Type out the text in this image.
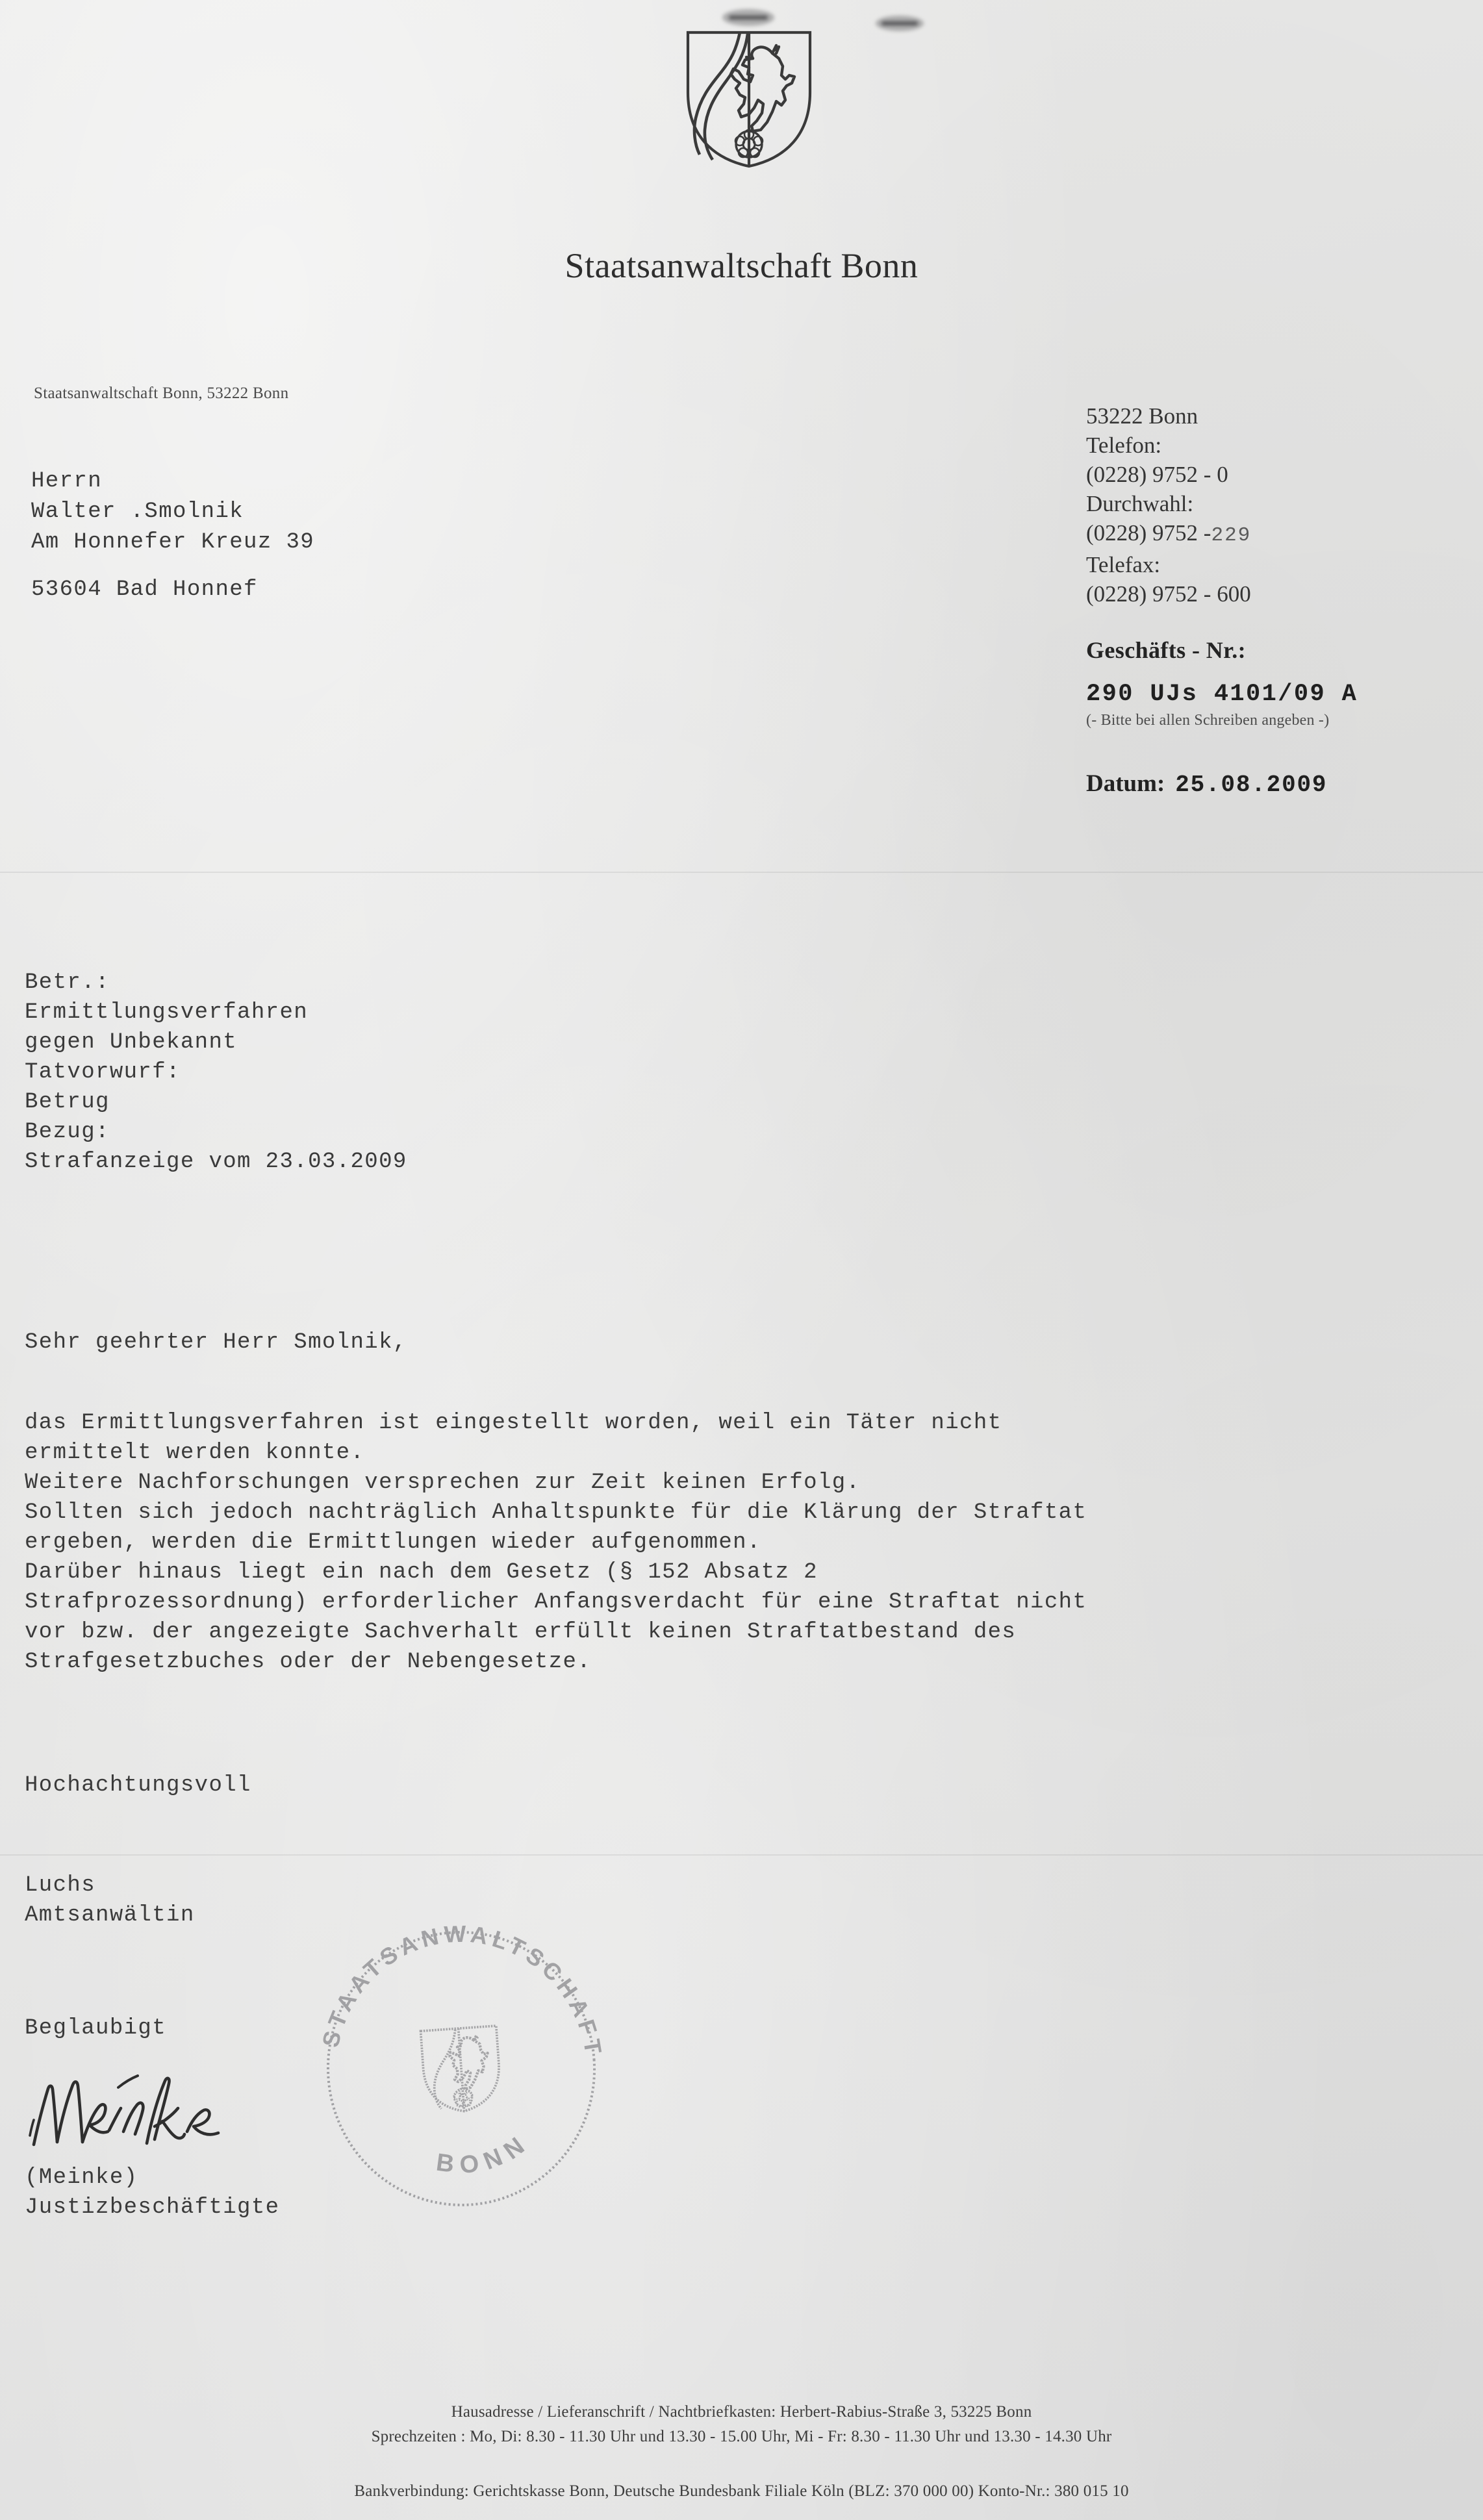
Staatsanwaltschaft Bonn
Staatsanwaltschaft Bonn, 53222 Bonn
Herrn
Walter .Smolnik
Am Honnefer Kreuz 39
53604 Bad Honnef
53222 Bonn
Telefon:
(0228) 9752 - 0
Durchwahl:
(0228) 9752 -229
Telefax:
(0228) 9752 - 600
Geschäfts - Nr.:
290 UJs 4101/09 A
(- Bitte bei allen Schreiben angeben -)
Datum: 25.08.2009
Betr.:
Ermittlungsverfahren
gegen Unbekannt
Tatvorwurf:
Betrug
Bezug:
Strafanzeige vom 23.03.2009
Sehr geehrter Herr Smolnik,
das Ermittlungsverfahren ist eingestellt worden, weil ein Täter nicht
ermittelt werden konnte.
Weitere Nachforschungen versprechen zur Zeit keinen Erfolg.
Sollten sich jedoch nachträglich Anhaltspunkte für die Klärung der Straftat
ergeben, werden die Ermittlungen wieder aufgenommen.
Darüber hinaus liegt ein nach dem Gesetz (§ 152 Absatz 2
Strafprozessordnung) erforderlicher Anfangsverdacht für eine Straftat nicht
vor bzw. der angezeigte Sachverhalt erfüllt keinen Straftatbestand des
Strafgesetzbuches oder der Nebengesetze.
Hochachtungsvoll
Luchs
Amtsanwältin
STAATSANWALTSCHAFT
BONN
Beglaubigt
(Meinke)
Justizbeschäftigte
Hausadresse / Lieferanschrift / Nachtbriefkasten: Herbert-Rabius-Straße 3, 53225 Bonn
Sprechzeiten : Mo, Di: 8.30 - 11.30 Uhr und 13.30 - 15.00 Uhr, Mi - Fr: 8.30 - 11.30 Uhr und 13.30 - 14.30 Uhr
Bankverbindung: Gerichtskasse Bonn, Deutsche Bundesbank Filiale Köln (BLZ: 370 000 00) Konto-Nr.: 380 015 10
